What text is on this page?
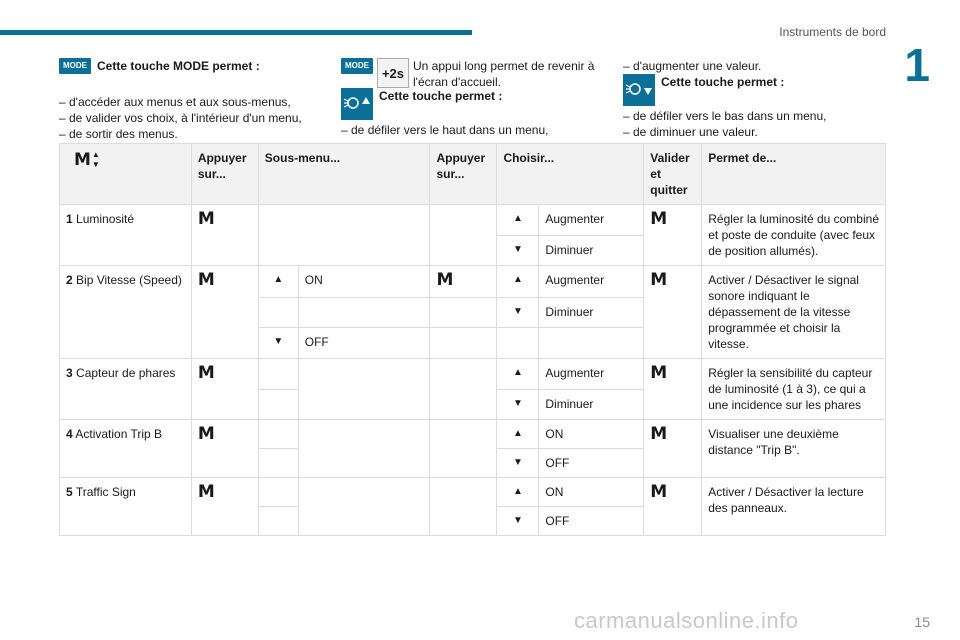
Instruments de bord
1
MODE Cette touche MODE permet :
– d'accéder aux menus et aux sous-menus,
– de valider vos choix, à l'intérieur d'un menu,
– de sortir des menus.
MODE
+2s Un appui long permet de revenir à l'écran d'accueil.
Cette touche permet :
– de défiler vers le haut dans un menu,
– d'augmenter une valeur.
Cette touche permet :
– de défiler vers le bas dans un menu,
– de diminuer une valeur.
M ▲
▼	Appuyer sur...	Sous-menu...		Appuyer sur...	Choisir...		Valider et quitter	Permet de...
1 Luminosité	M				▲	Augmenter	M	Régler la luminosité du combiné et poste de conduite (avec feux de position allumés).
					▼	Diminuer		
2 Bip Vitesse (Speed)	M	▲	ON	M	▲	Augmenter	M	Activer / Désactiver le signal sonore indiquant le dépassement de la vitesse programmée et choisir la vitesse.
					▼	Diminuer		
		▼	OFF					
3 Capteur de phares	M				▲	Augmenter	M	Régler la sensibilité du capteur de luminosité (1 à 3), ce qui a une incidence sur les phares
					▼	Diminuer		
4 Activation Trip B	M				▲	ON	M	Visualiser une deuxième distance "Trip B".
					▼	OFF		
5 Traffic Sign	M				▲	ON	M	Activer / Désactiver la lecture des panneaux.
					▼	OFF		
carmanualsonline.info	15
